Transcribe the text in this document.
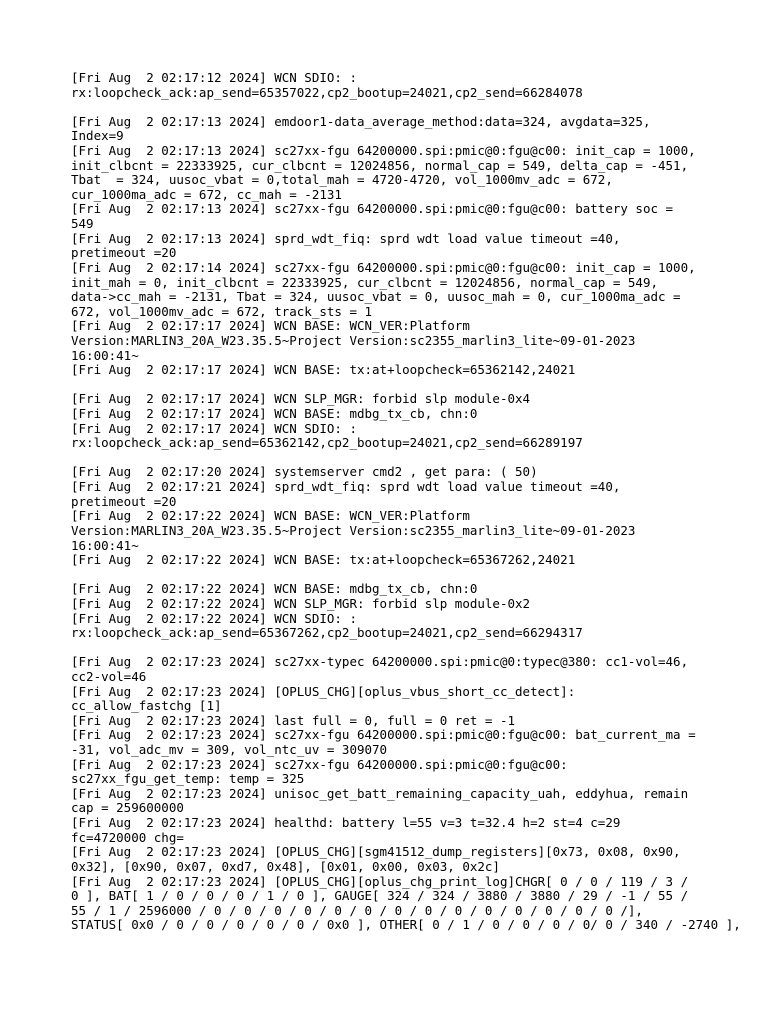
[Fri Aug  2 02:17:12 2024] WCN SDIO: :
rx:loopcheck_ack:ap_send=65357022,cp2_bootup=24021,cp2_send=66284078
[Fri Aug  2 02:17:13 2024] emdoor1-data_average_method:data=324, avgdata=325,
Index=9
[Fri Aug  2 02:17:13 2024] sc27xx-fgu 64200000.spi:pmic@0:fgu@c00: init_cap = 1000,
init_clbcnt = 22333925, cur_clbcnt = 12024856, normal_cap = 549, delta_cap = -451,
Tbat  = 324, uusoc_vbat = 0,total_mah = 4720-4720, vol_1000mv_adc = 672,
cur_1000ma_adc = 672, cc_mah = -2131
[Fri Aug  2 02:17:13 2024] sc27xx-fgu 64200000.spi:pmic@0:fgu@c00: battery soc =
549
[Fri Aug  2 02:17:13 2024] sprd_wdt_fiq: sprd wdt load value timeout =40,
pretimeout =20
[Fri Aug  2 02:17:14 2024] sc27xx-fgu 64200000.spi:pmic@0:fgu@c00: init_cap = 1000,
init_mah = 0, init_clbcnt = 22333925, cur_clbcnt = 12024856, normal_cap = 549,
data->cc_mah = -2131, Tbat = 324, uusoc_vbat = 0, uusoc_mah = 0, cur_1000ma_adc =
672, vol_1000mv_adc = 672, track_sts = 1
[Fri Aug  2 02:17:17 2024] WCN BASE: WCN_VER:Platform
Version:MARLIN3_20A_W23.35.5~Project Version:sc2355_marlin3_lite~09-01-2023
16:00:41~
[Fri Aug  2 02:17:17 2024] WCN BASE: tx:at+loopcheck=65362142,24021
[Fri Aug  2 02:17:17 2024] WCN SLP_MGR: forbid slp module-0x4
[Fri Aug  2 02:17:17 2024] WCN BASE: mdbg_tx_cb, chn:0
[Fri Aug  2 02:17:17 2024] WCN SDIO: :
rx:loopcheck_ack:ap_send=65362142,cp2_bootup=24021,cp2_send=66289197
[Fri Aug  2 02:17:20 2024] systemserver cmd2 , get para: ( 50)
[Fri Aug  2 02:17:21 2024] sprd_wdt_fiq: sprd wdt load value timeout =40,
pretimeout =20
[Fri Aug  2 02:17:22 2024] WCN BASE: WCN_VER:Platform
Version:MARLIN3_20A_W23.35.5~Project Version:sc2355_marlin3_lite~09-01-2023
16:00:41~
[Fri Aug  2 02:17:22 2024] WCN BASE: tx:at+loopcheck=65367262,24021
[Fri Aug  2 02:17:22 2024] WCN BASE: mdbg_tx_cb, chn:0
[Fri Aug  2 02:17:22 2024] WCN SLP_MGR: forbid slp module-0x2
[Fri Aug  2 02:17:22 2024] WCN SDIO: :
rx:loopcheck_ack:ap_send=65367262,cp2_bootup=24021,cp2_send=66294317
[Fri Aug  2 02:17:23 2024] sc27xx-typec 64200000.spi:pmic@0:typec@380: cc1-vol=46,
cc2-vol=46
[Fri Aug  2 02:17:23 2024] [OPLUS_CHG][oplus_vbus_short_cc_detect]:
cc_allow_fastchg [1]
[Fri Aug  2 02:17:23 2024] last full = 0, full = 0 ret = -1
[Fri Aug  2 02:17:23 2024] sc27xx-fgu 64200000.spi:pmic@0:fgu@c00: bat_current_ma =
-31, vol_adc_mv = 309, vol_ntc_uv = 309070
[Fri Aug  2 02:17:23 2024] sc27xx-fgu 64200000.spi:pmic@0:fgu@c00:
sc27xx_fgu_get_temp: temp = 325
[Fri Aug  2 02:17:23 2024] unisoc_get_batt_remaining_capacity_uah, eddyhua, remain
cap = 259600000
[Fri Aug  2 02:17:23 2024] healthd: battery l=55 v=3 t=32.4 h=2 st=4 c=29
fc=4720000 chg=
[Fri Aug  2 02:17:23 2024] [OPLUS_CHG][sgm41512_dump_registers][0x73, 0x08, 0x90,
0x32], [0x90, 0x07, 0xd7, 0x48], [0x01, 0x00, 0x03, 0x2c]
[Fri Aug  2 02:17:23 2024] [OPLUS_CHG][oplus_chg_print_log]CHGR[ 0 / 0 / 119 / 3 /
0 ], BAT[ 1 / 0 / 0 / 0 / 1 / 0 ], GAUGE[ 324 / 324 / 3880 / 3880 / 29 / -1 / 55 /
55 / 1 / 2596000 / 0 / 0 / 0 / 0 / 0 / 0 / 0 / 0 / 0 / 0 / 0 / 0 / 0 / 0 /],
STATUS[ 0x0 / 0 / 0 / 0 / 0 / 0 / 0x0 ], OTHER[ 0 / 1 / 0 / 0 / 0 / 0/ 0 / 340 / -2740 ],
